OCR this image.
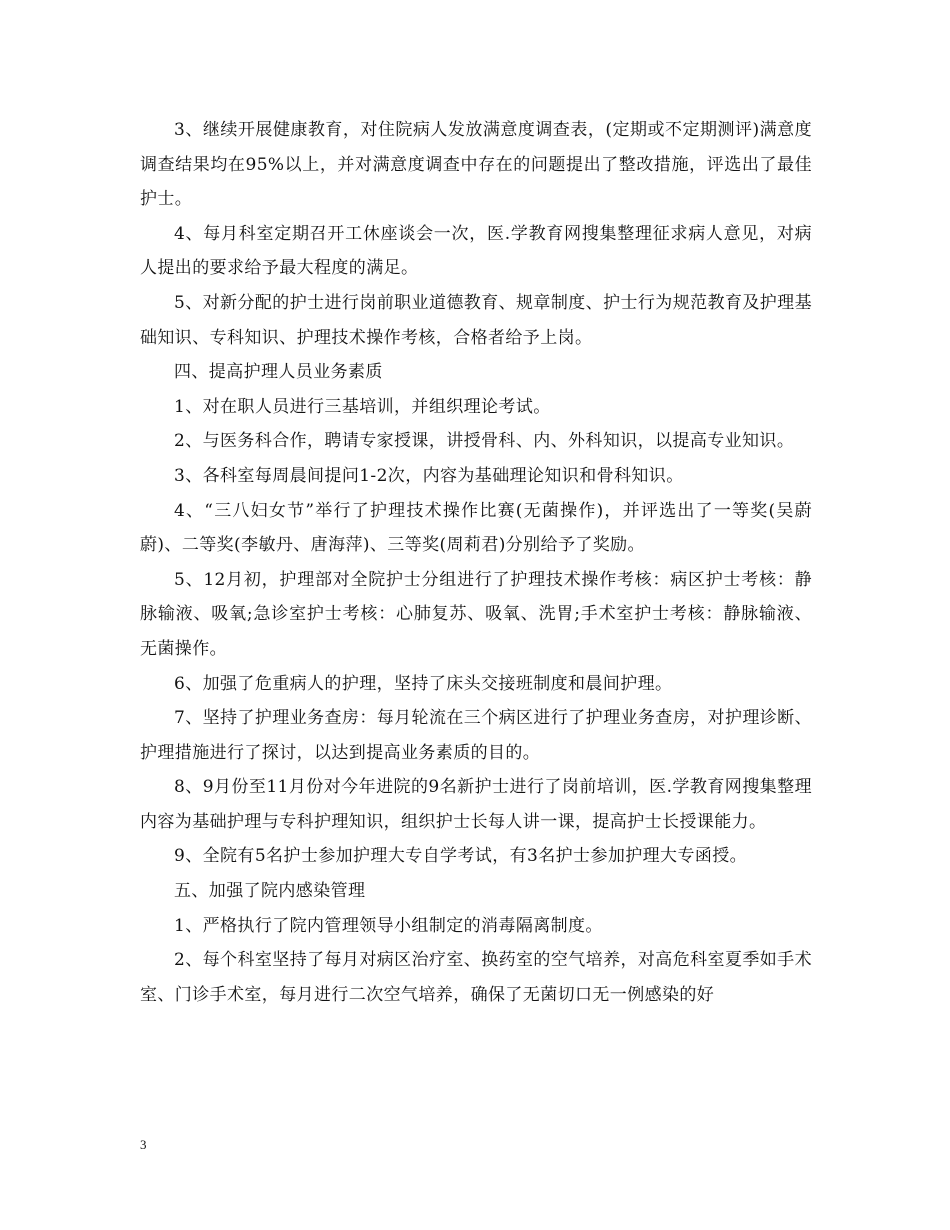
3、继续开展健康教育，对住院病人发放满意度调查表，(定期或不定期测评)满意度调查结果均在95%以上，并对满意度调查中存在的问题提出了整改措施，评选出了最佳护士。

4、每月科室定期召开工休座谈会一次，医.学教育网搜集整理征求病人意见，对病人提出的要求给予最大程度的满足。

5、对新分配的护士进行岗前职业道德教育、规章制度、护士行为规范教育及护理基础知识、专科知识、护理技术操作考核，合格者给予上岗。

四、提高护理人员业务素质

1、对在职人员进行三基培训，并组织理论考试。

2、与医务科合作，聘请专家授课，讲授骨科、内、外科知识，以提高专业知识。

3、各科室每周晨间提问1-2次，内容为基础理论知识和骨科知识。

4、“三八妇女节”举行了护理技术操作比赛(无菌操作)，并评选出了一等奖(吴蔚蔚)、二等奖(李敏丹、唐海萍)、三等奖(周莉君)分别给予了奖励。

5、12月初，护理部对全院护士分组进行了护理技术操作考核：病区护士考核：静脉输液、吸氧;急诊室护士考核：心肺复苏、吸氧、洗胃;手术室护士考核：静脉输液、无菌操作。

6、加强了危重病人的护理，坚持了床头交接班制度和晨间护理。

7、坚持了护理业务查房：每月轮流在三个病区进行了护理业务查房，对护理诊断、护理措施进行了探讨，以达到提高业务素质的目的。

8、9月份至11月份对今年进院的9名新护士进行了岗前培训，医.学教育网搜集整理内容为基础护理与专科护理知识，组织护士长每人讲一课，提高护士长授课能力。

9、全院有5名护士参加护理大专自学考试，有3名护士参加护理大专函授。

五、加强了院内感染管理

1、严格执行了院内管理领导小组制定的消毒隔离制度。

2、每个科室坚持了每月对病区治疗室、换药室的空气培养，对高危科室夏季如手术室、门诊手术室，每月进行二次空气培养，确保了无菌切口无一例感染的好

3
